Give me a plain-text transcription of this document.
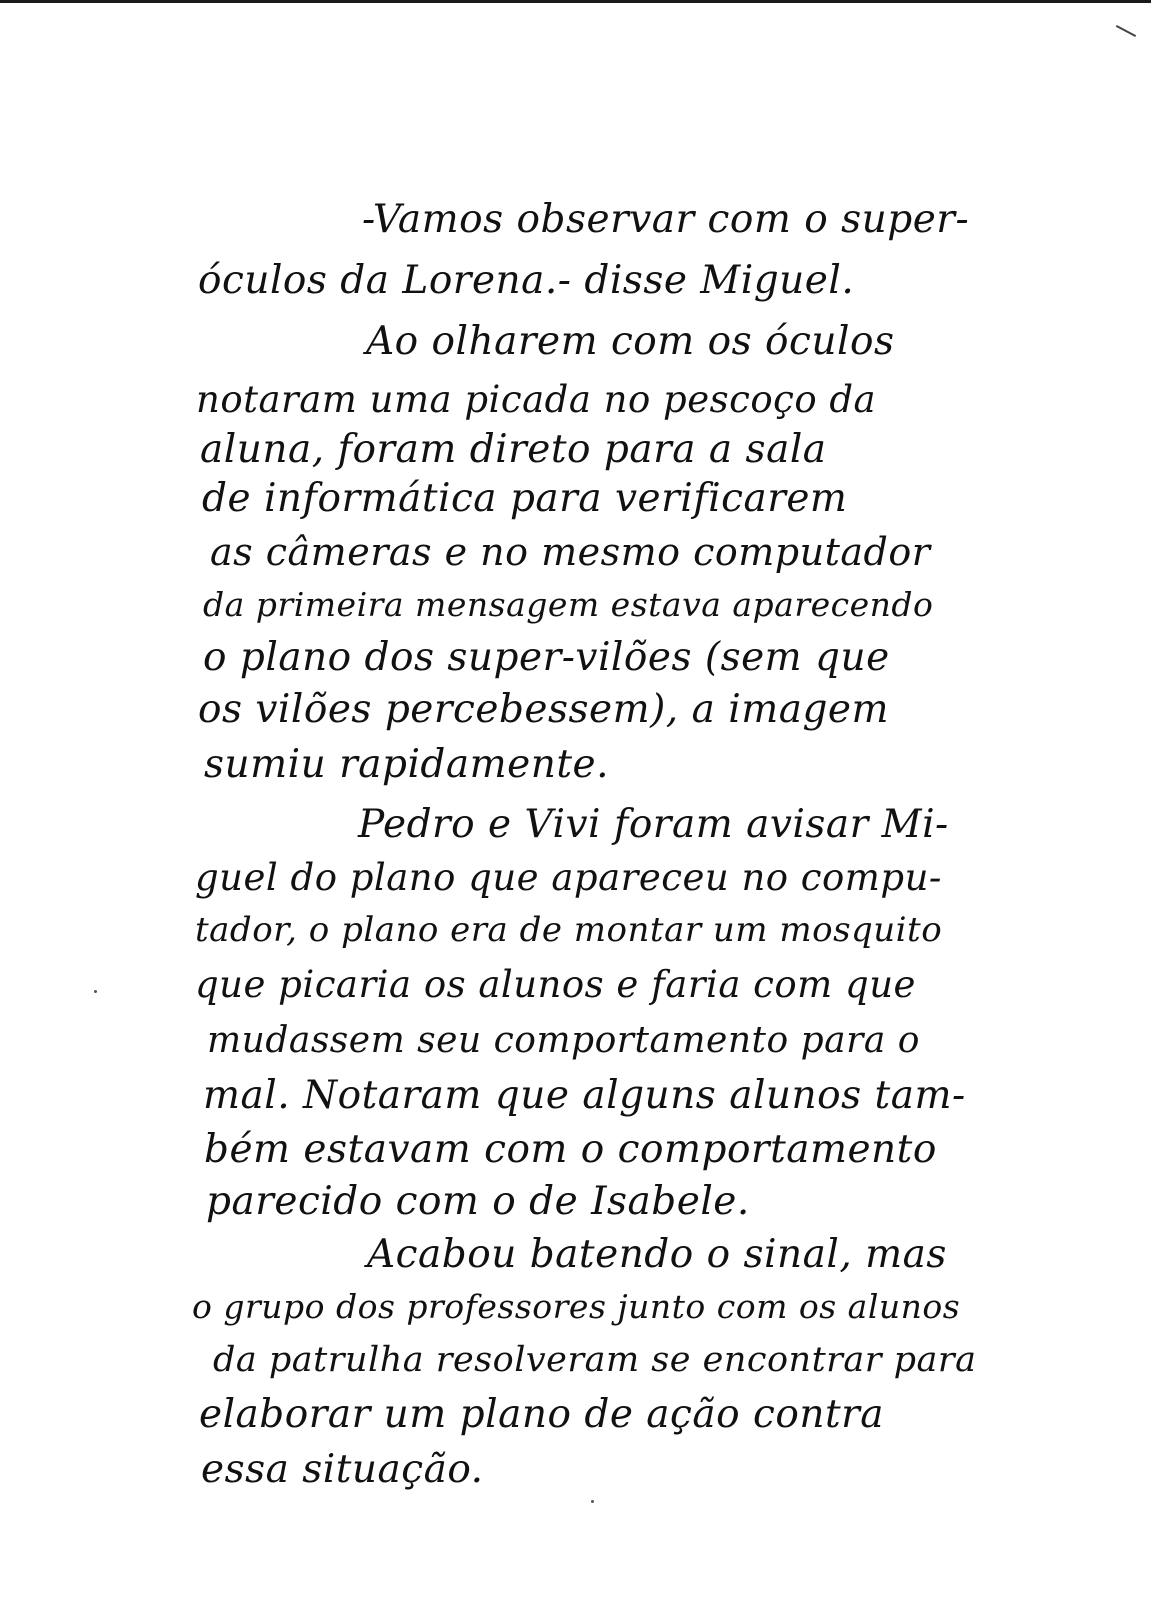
-Vamos observar com o super-

óculos da Lorena.- disse Miguel.

Ao olharem com os óculos

notaram uma picada no pescoço da

aluna, foram direto para a sala

de informática para verificarem

as câmeras e no mesmo computador

da primeira mensagem estava aparecendo

o plano dos super-vilões (sem que

os vilões percebessem), a imagem

sumiu rapidamente.

Pedro e Vivi foram avisar Mi-

guel do plano que apareceu no compu-

tador, o plano era de montar um mosquito

que picaria os alunos e faria com que

mudassem seu comportamento para o

mal. Notaram que alguns alunos tam-

bém estavam com o comportamento

parecido com o de Isabele.

Acabou batendo o sinal, mas

o grupo dos professores junto com os alunos

da patrulha resolveram se encontrar para

elaborar um plano de ação contra

essa situação.
